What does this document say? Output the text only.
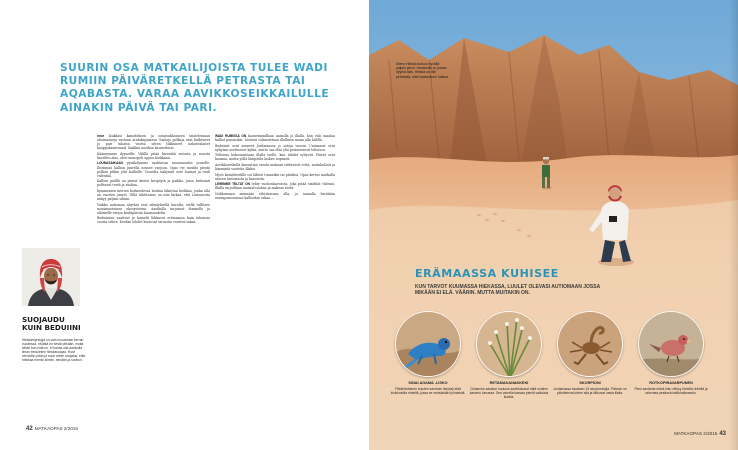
SUURIN OSA MATKAILIJOISTA TULEE WADI RUMIIN PÄIVÄRETKELLÄ PETRASTA TAI AQABASTA. VARAA AAVIKKOSEIKKAILULLE AINAKIN PÄIVÄ TAI PARI.

nnor laukkasi kamelelinen ja sotajoukkoineen taistelemaan ottomaaneja vastaan arabikapinassa. Samoja polkuja ovat kulkeneet jo pari tuhatta vuotta sitten liikkuneet nabatealaiset kauppakaravaanit. Kaikkia aavikon kaunottaria.

Käännymme dyyneille. Välillä pitää kiventää autosta ja nousta kävellen alas, ettei menopeli uppoa hiekkaan.

LOUNASAIKAAN pysähdymme mahtavan monumentin juurelle. Iltirinnan kallion juurella nousee varjoon. Opas vie meidät pientä polkua pitkin ylös kalliolle. Vuorelta näkymät ovat huimat ja tuuli viilentää.

Kallion päällä on pienet kivien kivipöytä ja paikka, jossa beduiinit polttavat teetä ja ruokaa.

Kymmenien merien korkeudessa lauttaa liikuttaa hiekkaa, jonka alla on vuorten juuret. Yöllä tähtitaivas on niin kirkas, että Linnunrata näkyy paljain silmin.

Vaikka autiomaa näyttää ensi silmäyksellä karulta, siellä vallitsee monimuotoinen ekosysteemi. Aavikolla tarjoavat ihmiselle ja eläimelle varjoa keskipäivän kuumuudelta.

Beduiinien vaatteet ja kamelit liikkuvat erämaassa kuin tuhansia vuosia sitten. Kevään lehdet kertovat tarinoita vuorten takaa.

WADI RUMISSA ON kauneimmillaan aamulla ja illalla, kun valo maalaa kalliot punaisiksi. Leirissä valmistetaan illallinen maan alla hiilillä.

Beduiinit ovat asuneet Jordaniassa jo satoja vuosia. Useimmat ovat nykyisin asettuneet kyliin, mutta osa elää yhä perinteisesti teltoissa.

Teltoissa kokoonnutaan illalla teelle, kun tähdet syttyvät. Päivät ovat kuumia, mutta yöllä lämpötila laskee nopeasti.

Aavikkoretkellä kannattaa varata mukaan riittävästi vettä, aurinkolasit ja lämmintä vaatetta illaksi.

Myös kamelireitille voi lähteä tunneiksi tai päiviksi. Opas kertoo matkalla alueen historiasta ja kasveista.

LEIRIMME TELTAT ON tehty vuohenkarvasta, joka pitää sisätilat viileinä. Illalla tarjoillaan mansaf-ruokaa ja makeaa teetä.

Nukkumaan mennään tähtitaivaan alla, ja aamulla herätään auringonnousuun kallioiden takaa. »

SUOJAUDU KUIN BEDUIINI

Hiekkamyrskyjä on vain muutaman kerran vuodessa, eivätkä ne kestä pitkään, mutta silloin kun niitä on, ei haluta olla aavikolla ilman beduiinien hiekkasuojaa. Huivi verhottiin pään ja suun eteen suojaksi, ettei hiekkaa menisi silmiin, nenään ja suuhun.

42 MATKAOPAS 2/2015

Mieno Hiekka tunkuu hyvältä paljain jaloin. Hauskinta on juosta dyyniä alas. Hiekka on niin pehmeää, ettei kaatuminen haittaa.

ERÄMAASSA KUHISEE

KUN TARVOT KUUMASSA HIEKASSA, LUULET OLEVASI AUTIOMAAN JOSSA MIKÄÄN EI ELÄ. VÄÄRIN. MUTTA MUITAKIN ON.

SINAI AGAMA -LISKO

Pitkähäntäinen kuuden sarvinen liskolaji elää kivikkoisilla rinteillä, jossa se metsästää hyönteisiä.

RETAMAKANAKKEKI

Ciidanche-aavikon kuuluva aavikkokasvi elää muiden kasvien lomassa. Sen varrella kasvaa pieniä valkoisia kukkia.

SKORPIONI

Jordaniassa tavataan 15 skorpionilajia. Päivisin ne piilottelevat kivien alla ja liikkuvat vasta illalla.

ROTKOPIRAVARPUNEN

Pieni aavikolla elävä lintu viihtyy kivisillä rinteillä ja rakentaa pesänsä kalliohalkeamiin.

MATKAOPAS 2/2015 43
